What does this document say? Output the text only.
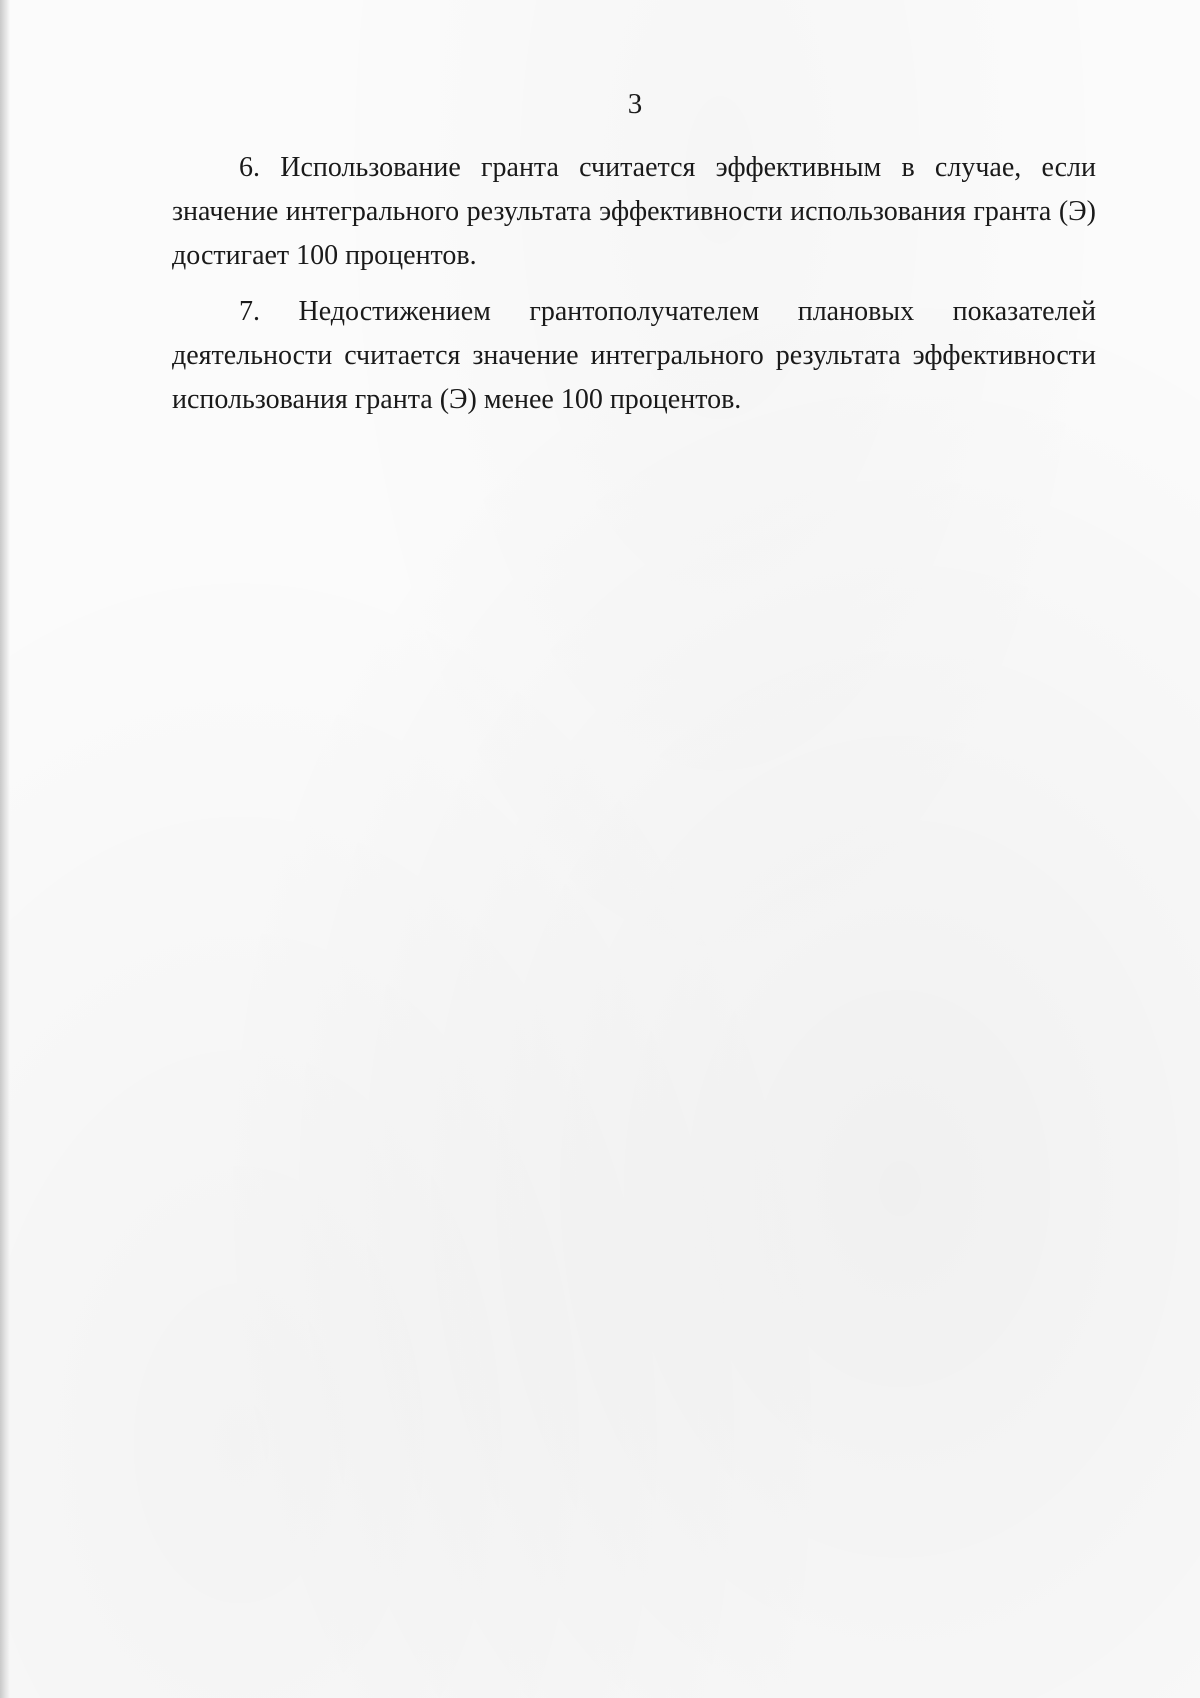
3

6. Использование гранта считается эффективным в случае, если значение интегрального результата эффективности использования гранта (Э) достигает 100 процентов.

7. Недостижением грантополучателем плановых показателей деятельности считается значение интегрального результата эффективности использования гранта (Э) менее 100 процентов.
